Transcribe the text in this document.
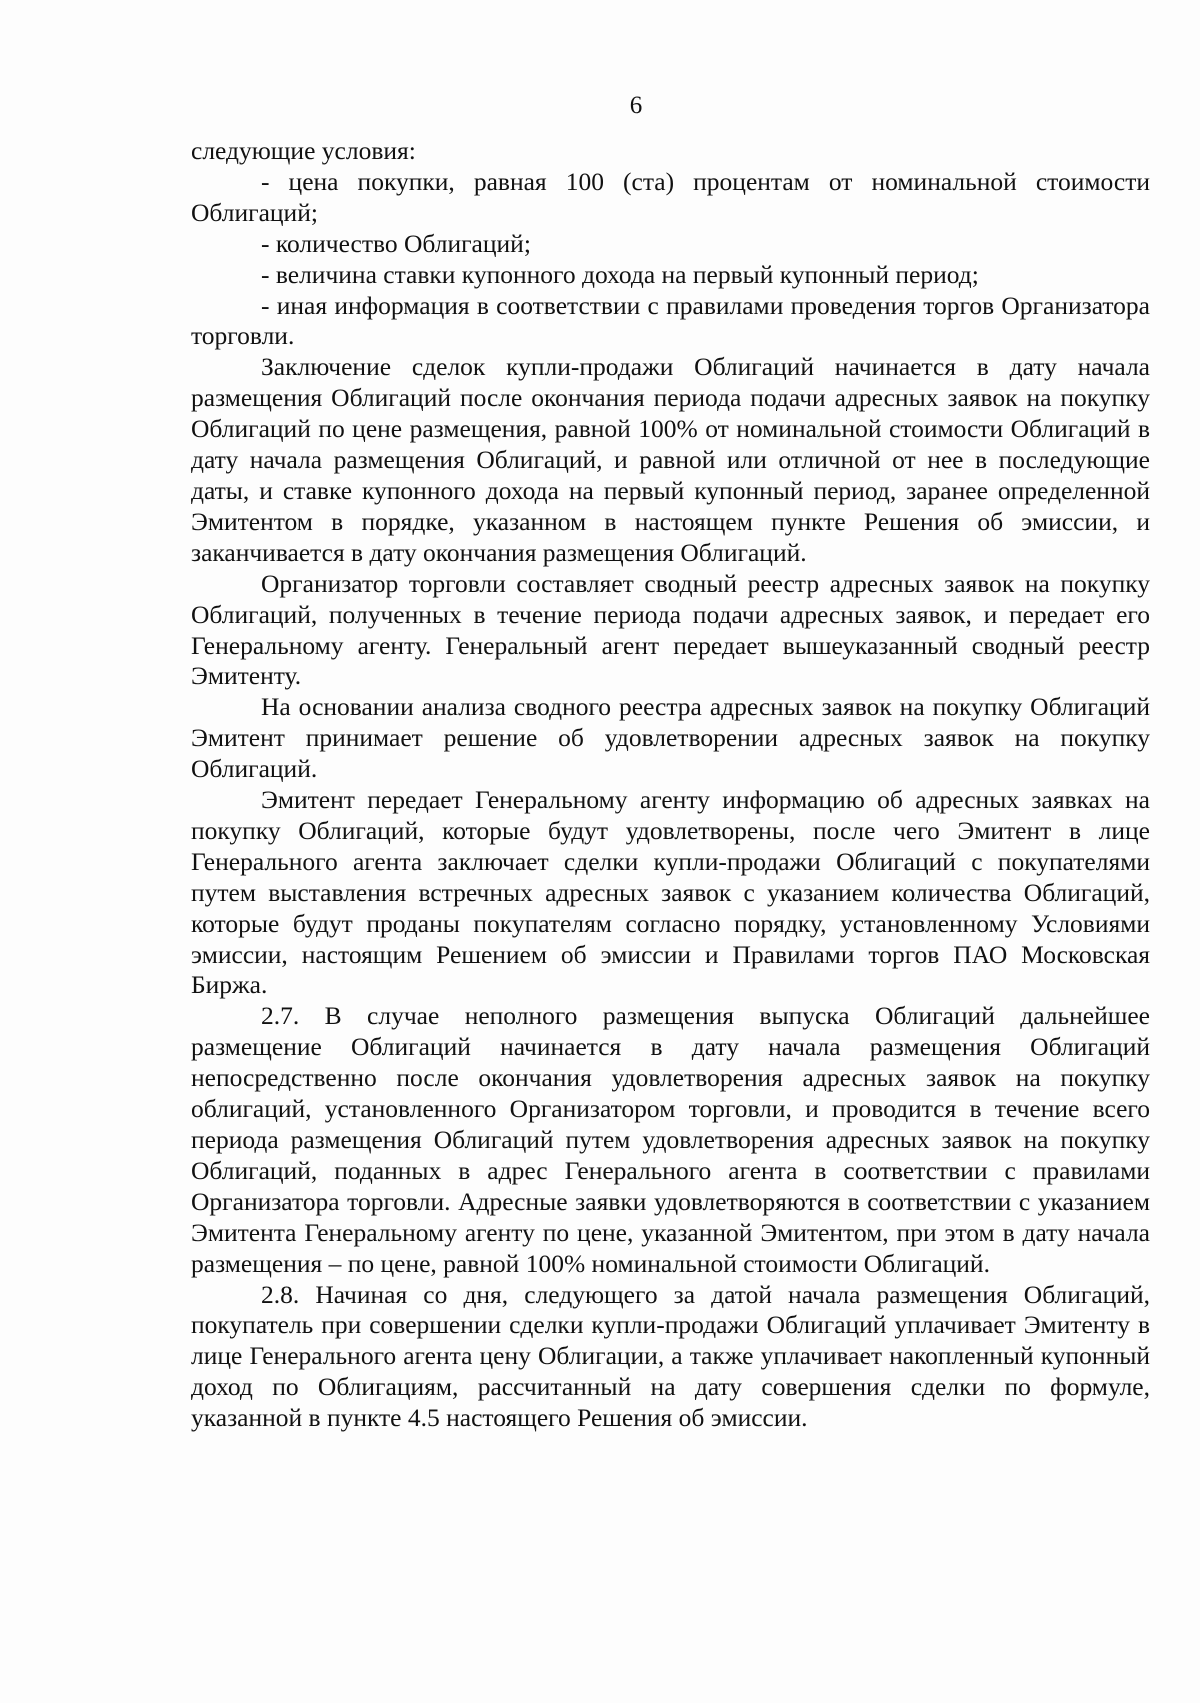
6

следующие условия:

- цена покупки, равная 100 (ста) процентам от номинальной стоимости Облигаций;

- количество Облигаций;

- величина ставки купонного дохода на первый купонный период;

- иная информация в соответствии с правилами проведения торгов Организатора торговли.

Заключение сделок купли-продажи Облигаций начинается в дату начала размещения Облигаций после окончания периода подачи адресных заявок на покупку Облигаций по цене размещения, равной 100% от номинальной стоимости Облигаций в дату начала размещения Облигаций, и равной или отличной от нее в последующие даты, и ставке купонного дохода на первый купонный период, заранее определенной Эмитентом в порядке, указанном в настоящем пункте Решения об эмиссии, и заканчивается в дату окончания размещения Облигаций.

Организатор торговли составляет сводный реестр адресных заявок на покупку Облигаций, полученных в течение периода подачи адресных заявок, и передает его Генеральному агенту. Генеральный агент передает вышеуказанный сводный реестр Эмитенту.

На основании анализа сводного реестра адресных заявок на покупку Облигаций Эмитент принимает решение об удовлетворении адресных заявок на покупку Облигаций.

Эмитент передает Генеральному агенту информацию об адресных заявках на покупку Облигаций, которые будут удовлетворены, после чего Эмитент в лице Генерального агента заключает сделки купли-продажи Облигаций с покупателями путем выставления встречных адресных заявок с указанием количества Облигаций, которые будут проданы покупателям согласно порядку, установленному Условиями эмиссии, настоящим Решением об эмиссии и Правилами торгов ПАО Московская Биржа.

2.7. В случае неполного размещения выпуска Облигаций дальнейшее размещение Облигаций начинается в дату начала размещения Облигаций непосредственно после окончания удовлетворения адресных заявок на покупку облигаций, установленного Организатором торговли, и проводится в течение всего периода размещения Облигаций путем удовлетворения адресных заявок на покупку Облигаций, поданных в адрес Генерального агента в соответствии с правилами Организатора торговли. Адресные заявки удовлетворяются в соответствии с указанием Эмитента Генеральному агенту по цене, указанной Эмитентом, при этом в дату начала размещения – по цене, равной 100% номинальной стоимости Облигаций.

2.8. Начиная со дня, следующего за датой начала размещения Облигаций, покупатель при совершении сделки купли-продажи Облигаций уплачивает Эмитенту в лице Генерального агента цену Облигации, а также уплачивает накопленный купонный доход по Облигациям, рассчитанный на дату совершения сделки по формуле, указанной в пункте 4.5 настоящего Решения об эмиссии.
